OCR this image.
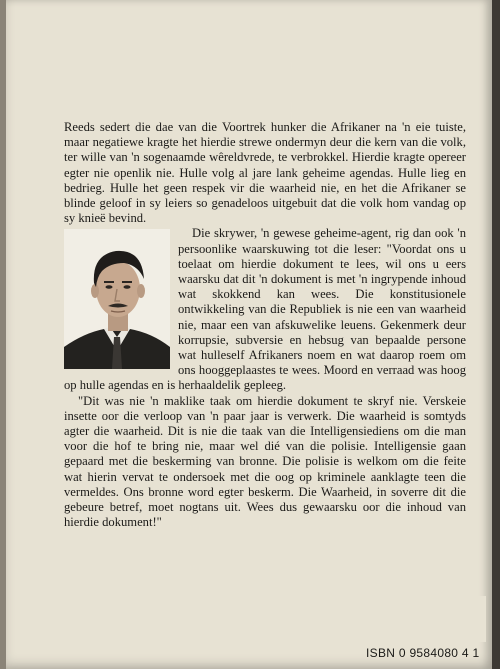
Reeds sedert die dae van die Voortrek hunker die Afrikaner na 'n eie tuiste, maar negatiewe kragte het hierdie strewe ondermyn deur die kern van die volk, ter wille van 'n sogenaamde wêreldvrede, te verbrokkel. Hierdie kragte opereer egter nie openlik nie. Hulle volg al jare lank geheime agendas. Hulle lieg en bedrieg. Hulle het geen respek vir die waarheid nie, en het die Afrikaner se blinde geloof in sy leiers so genadeloos uitgebuit dat die volk hom vandag op sy knieë bevind.

Die skrywer, 'n gewese geheime-agent, rig dan ook 'n persoonlike waarskuwing tot die leser: "Voordat ons u toelaat om hierdie dokument te lees, wil ons u eers waarsku dat dit 'n dokument is met 'n ingrypende inhoud wat skokkend kan wees. Die konstitusionele ontwikkeling van die Republiek is nie een van waarheid nie, maar een van afskuwelike leuens. Gekenmerk deur korrupsie, subversie en hebsug van bepaalde persone wat hulleself Afrikaners noem en wat daarop roem om ons hooggeplaastes te wees. Moord en verraad was hoog op hulle agendas en is herhaaldelik gepleeg.

"Dit was nie 'n maklike taak om hierdie dokument te skryf nie. Verskeie insette oor die verloop van 'n paar jaar is verwerk. Die waarheid is somtyds agter die waarheid. Dit is nie die taak van die Intelligensiediens om die man voor die hof te bring nie, maar wel dié van die polisie. Intelligensie gaan gepaard met die beskerming van bronne. Die polisie is welkom om die feite wat hierin vervat te ondersoek met die oog op kriminele aanklagte teen die vermeldes. Ons bronne word egter beskerm. Die Waarheid, in soverre dit die gebeure betref, moet nogtans uit. Wees dus gewaarsku oor die inhoud van hierdie dokument!"

ISBN 0 9584080 4 1
